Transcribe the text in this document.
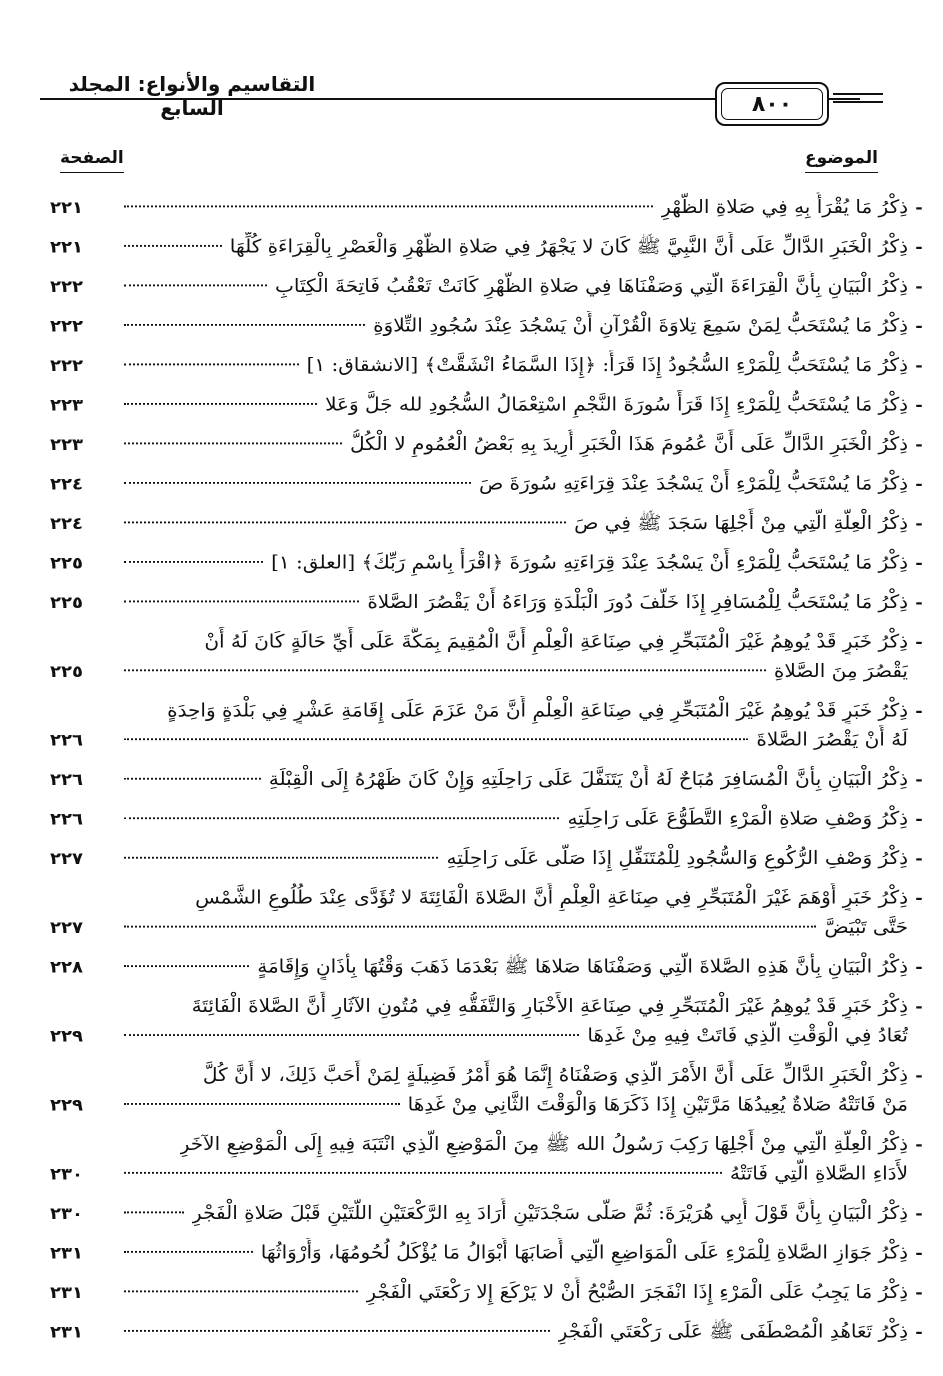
التقاسيم والأنواع: المجلد السابع	٨٠٠
الموضوع
الصفحة
-
ذِكْرُ مَا يُقْرَأُ بِهِ فِي صَلاةِ الظُّهْرِ
٢٢١
-
ذِكْرُ الْخَبَرِ الدَّالِّ عَلَى أَنَّ النَّبِيَّ ﷺ كَانَ لا يَجْهَرُ فِي صَلاةِ الظُّهْرِ وَالْعَصْرِ بِالْقِرَاءَةِ كُلِّهَا
٢٢١
-
ذِكْرُ الْبَيَانِ بِأَنَّ الْقِرَاءَةَ الَّتِي وَصَفْنَاهَا فِي صَلاةِ الظُّهْرِ كَانَتْ تَعْقُبُ فَاتِحَةَ الْكِتَابِ
٢٢٢
-
ذِكْرُ مَا يُسْتَحَبُّ لِمَنْ سَمِعَ تِلاوَةَ الْقُرْآنِ أَنْ يَسْجُدَ عِنْدَ سُجُودِ التِّلاوَةِ
٢٢٢
-
ذِكْرُ مَا يُسْتَحَبُّ لِلْمَرْءِ السُّجُودُ إِذَا قَرَأَ: ﴿إِذَا السَّمَاءُ انْشَقَّتْ﴾ [الانشقاق: ١]
٢٢٢
-
ذِكْرُ مَا يُسْتَحَبُّ لِلْمَرْءِ إِذَا قَرَأَ سُورَةَ النَّجْمِ اسْتِعْمَالُ السُّجُودِ لله جَلَّ وَعَلا
٢٢٣
-
ذِكْرُ الْخَبَرِ الدَّالِّ عَلَى أَنَّ عُمُومَ هَذَا الْخَبَرِ أُرِيدَ بِهِ بَعْضُ الْعُمُومِ لا الْكُلُّ
٢٢٣
-
ذِكْرُ مَا يُسْتَحَبُّ لِلْمَرْءِ أَنْ يَسْجُدَ عِنْدَ قِرَاءَتِهِ سُورَةَ صَ
٢٢٤
-
ذِكْرُ الْعِلَّةِ الَّتِي مِنْ أَجْلِهَا سَجَدَ ﷺ فِي صَ
٢٢٤
-
ذِكْرُ مَا يُسْتَحَبُّ لِلْمَرْءِ أَنْ يَسْجُدَ عِنْدَ قِرَاءَتِهِ سُورَةَ ﴿اقْرَأْ بِاسْمِ رَبِّكَ﴾ [العلق: ١]
٢٢٥
-
ذِكْرُ مَا يُسْتَحَبُّ لِلْمُسَافِرِ إِذَا خَلَّفَ دُورَ الْبَلْدَةِ وَرَاءَهُ أَنْ يَقْصُرَ الصَّلاةَ
٢٢٥
-
ذِكْرُ خَبَرٍ قَدْ يُوهِمُ غَيْرَ الْمُتَبَحِّرِ فِي صِنَاعَةِ الْعِلْمِ أَنَّ الْمُقِيمَ بِمَكَّةَ عَلَى أَيِّ حَالَةٍ كَانَ لَهُ أَنْ
يَقْصُرَ مِنَ الصَّلاةِ
٢٢٥
-
ذِكْرُ خَبَرٍ قَدْ يُوهِمُ غَيْرَ الْمُتَبَحِّرِ فِي صِنَاعَةِ الْعِلْمِ أَنَّ مَنْ عَزَمَ عَلَى إِقَامَةِ عَشْرٍ فِي بَلْدَةٍ وَاحِدَةٍ
لَهُ أَنْ يَقْصُرَ الصَّلاةَ
٢٢٦
-
ذِكْرُ الْبَيَانِ بِأَنَّ الْمُسَافِرَ مُبَاحٌ لَهُ أَنْ يَتَنَفَّلَ عَلَى رَاحِلَتِهِ وَإِنْ كَانَ ظَهْرُهُ إِلَى الْقِبْلَةِ
٢٢٦
-
ذِكْرُ وَصْفِ صَلاةِ الْمَرْءِ التَّطَوُّعَ عَلَى رَاحِلَتِهِ
٢٢٦
-
ذِكْرُ وَصْفِ الرُّكُوعِ وَالسُّجُودِ لِلْمُتَنَفِّلِ إِذَا صَلَّى عَلَى رَاحِلَتِهِ
٢٢٧
-
ذِكْرُ خَبَرٍ أَوْهَمَ غَيْرَ الْمُتَبَحِّرِ فِي صِنَاعَةِ الْعِلْمِ أَنَّ الصَّلاةَ الْفَائِتَةَ لا تُؤَدَّى عِنْدَ طُلُوعِ الشَّمْسِ
حَتَّى تَبْيَضَّ
٢٢٧
-
ذِكْرُ الْبَيَانِ بِأَنَّ هَذِهِ الصَّلاةَ الَّتِي وَصَفْنَاهَا صَلاهَا ﷺ بَعْدَمَا ذَهَبَ وَقْتُهَا بِأَذَانٍ وَإِقَامَةٍ
٢٢٨
-
ذِكْرُ خَبَرٍ قَدْ يُوهِمُ غَيْرَ الْمُتَبَحِّرِ فِي صِنَاعَةِ الأَخْبَارِ وَالتَّفَقُّهِ فِي مُتُونِ الآثَارِ أَنَّ الصَّلاةَ الْفَائِتَةَ
تُعَادُ فِي الْوَقْتِ الَّذِي فَاتَتْ فِيهِ مِنْ غَدِهَا
٢٢٩
-
ذِكْرُ الْخَبَرِ الدَّالِّ عَلَى أَنَّ الأَمْرَ الَّذِي وَصَفْنَاهُ إِنَّمَا هُوَ أَمْرُ فَضِيلَةٍ لِمَنْ أَحَبَّ ذَلِكَ، لا أَنَّ كُلَّ
مَنْ فَاتَتْهُ صَلاةٌ يُعِيدُهَا مَرَّتَيْنِ إِذَا ذَكَرَهَا وَالْوَقْتَ الثَّانِي مِنْ غَدِهَا
٢٢٩
-
ذِكْرُ الْعِلَّةِ الَّتِي مِنْ أَجْلِهَا رَكِبَ رَسُولُ الله ﷺ مِنَ الْمَوْضِعِ الَّذِي انْتَبَهَ فِيهِ إِلَى الْمَوْضِعِ الآخَرِ
لأَدَاءِ الصَّلاةِ الَّتِي فَاتَتْهُ
٢٣٠
-
ذِكْرُ الْبَيَانِ بِأَنَّ قَوْلَ أَبِي هُرَيْرَةَ: ثُمَّ صَلَّى سَجْدَتَيْنِ أَرَادَ بِهِ الرَّكْعَتَيْنِ اللَّتَيْنِ قَبْلَ صَلاةِ الْفَجْرِ
٢٣٠
-
ذِكْرُ جَوَازِ الصَّلاةِ لِلْمَرْءِ عَلَى الْمَوَاضِعِ الَّتِي أَصَابَهَا أَبْوَالُ مَا يُؤْكَلُ لُحُومُهَا، وَأَرْوَاثُهَا
٢٣١
-
ذِكْرُ مَا يَجِبُ عَلَى الْمَرْءِ إِذَا انْفَجَرَ الصُّبْحُ أَنْ لا يَرْكَعَ إِلا رَكْعَتَي الْفَجْرِ
٢٣١
-
ذِكْرُ تَعَاهُدِ الْمُصْطَفَى ﷺ عَلَى رَكْعَتَي الْفَجْرِ
٢٣١
